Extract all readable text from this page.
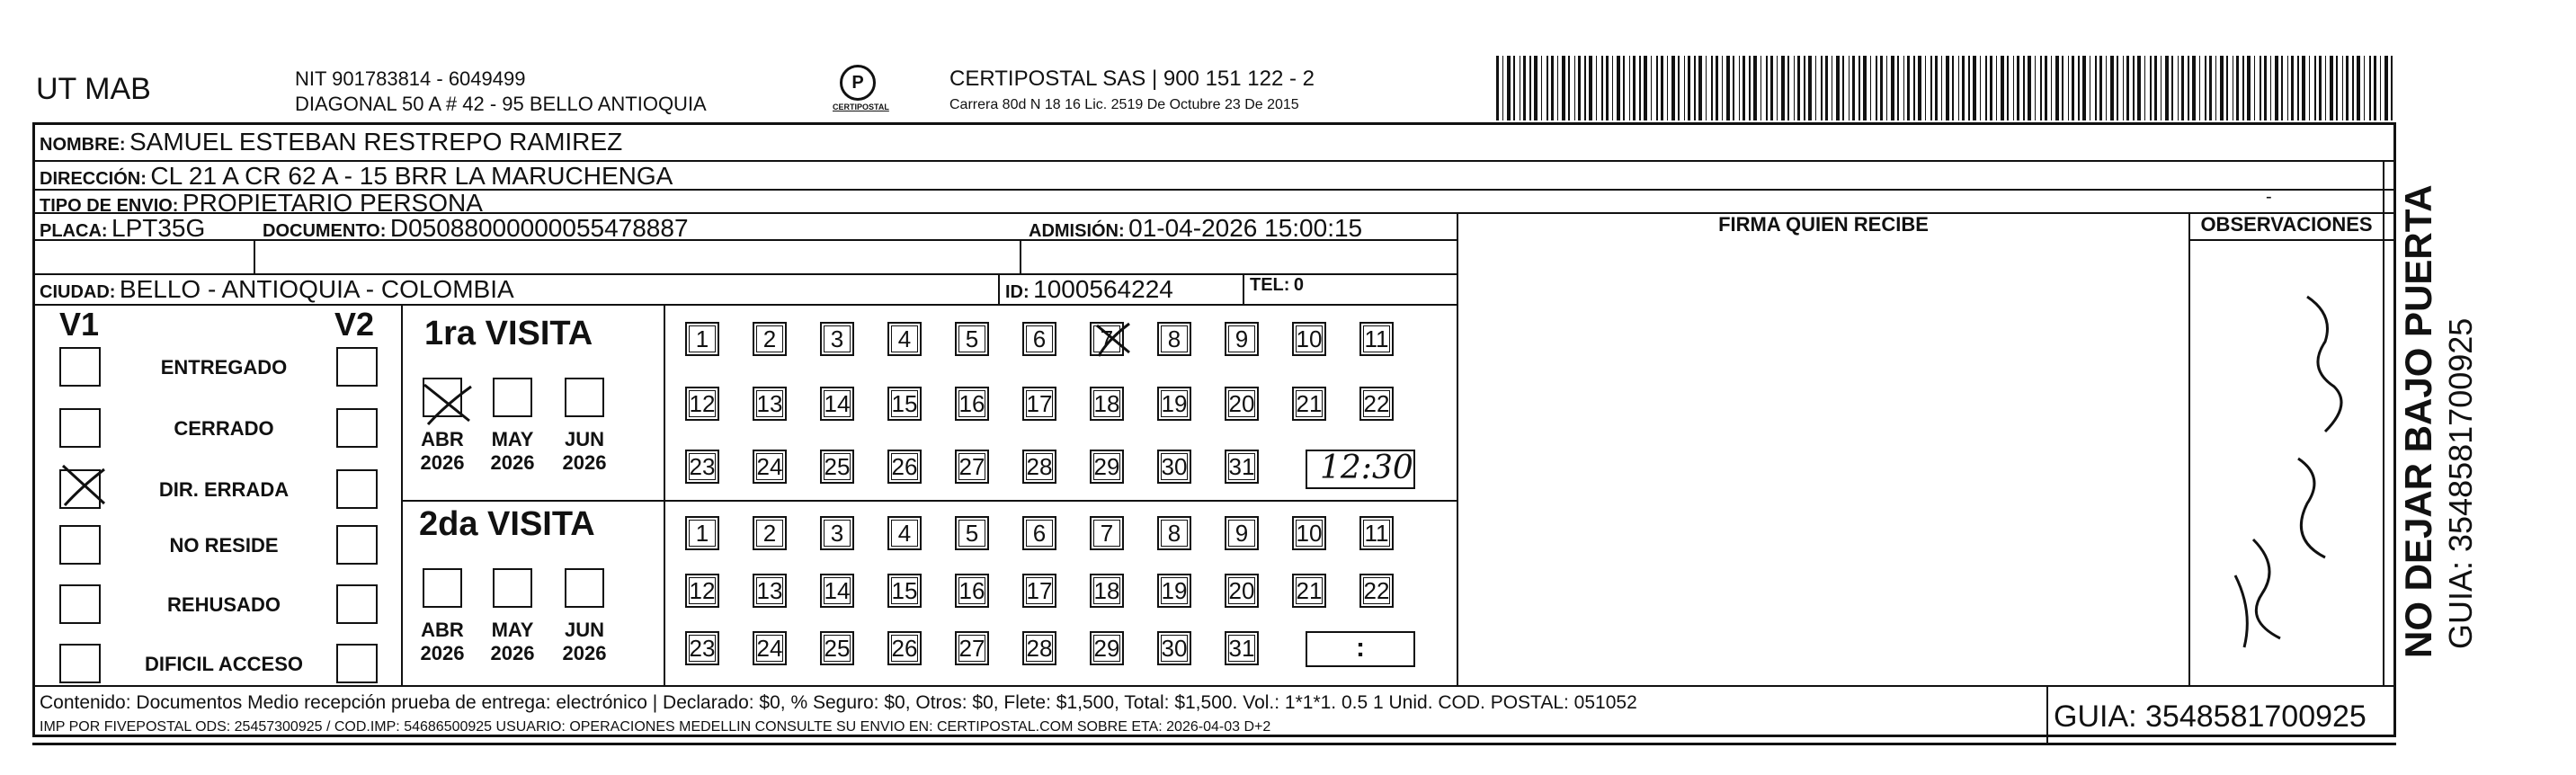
UT MAB	NIT 901783814 - 6049499
DIAGONAL 50 A # 42 - 95 BELLO ANTIOQUIA
P
CERTIPOSTAL
CERTIPOSTAL SAS | 900 151 122 - 2
Carrera 80d N 18 16 Lic. 2519 De Octubre 23 De 2015
NOMBRE: SAMUEL ESTEBAN RESTREPO RAMIREZ
DIRECCIÓN: CL 21 A CR 62 A - 15 BRR LA MARUCHENGA
TIPO DE ENVIO: PROPIETARIO PERSONA
PLACA: LPT35G	DOCUMENTO: D05088000000055478887	ADMISIÓN: 01-04-2026 15:00:15
CIUDAD: BELLO - ANTIOQUIA - COLOMBIA	ID: 1000564224	TEL: 0
FIRMA QUIEN RECIBE	OBSERVACIONES
V1	V2
ENTREGADO
CERRADO
DIR. ERRADA
NO RESIDE
REHUSADO
DIFICIL ACCESO
1ra VISITA
2da VISITA
ABR
2026
MAY
2026
JUN
2026
ABR
2026
MAY
2026
JUN
2026
1	2	3	4	5	6	7	8	9	10 11
12 13 14 15 16 17 18 19 20 21 22
23 24 25 26 27 28 29 30 31
1	2	3	4	5	6	7	8	9	10 11
12 13 14 15 16 17 18 19 20 21 22
23 24 25 26 27 28 29 30 31
12:30
:
-
Contenido: Documentos Medio recepción prueba de entrega: electrónico | Declarado: $0, % Seguro: $0, Otros: $0, Flete: $1,500, Total: $1,500. Vol.: 1*1*1. 0.5 1 Unid. COD. POSTAL: 051052
IMP POR FIVEPOSTAL ODS: 25457300925 / COD.IMP: 54686500925 USUARIO: OPERACIONES MEDELLIN CONSULTE SU ENVIO EN: CERTIPOSTAL.COM SOBRE ETA: 2026-04-03 D+2	GUIA: 3548581700925
NO DEJAR BAJO PUERTA GUIA: 3548581700925
